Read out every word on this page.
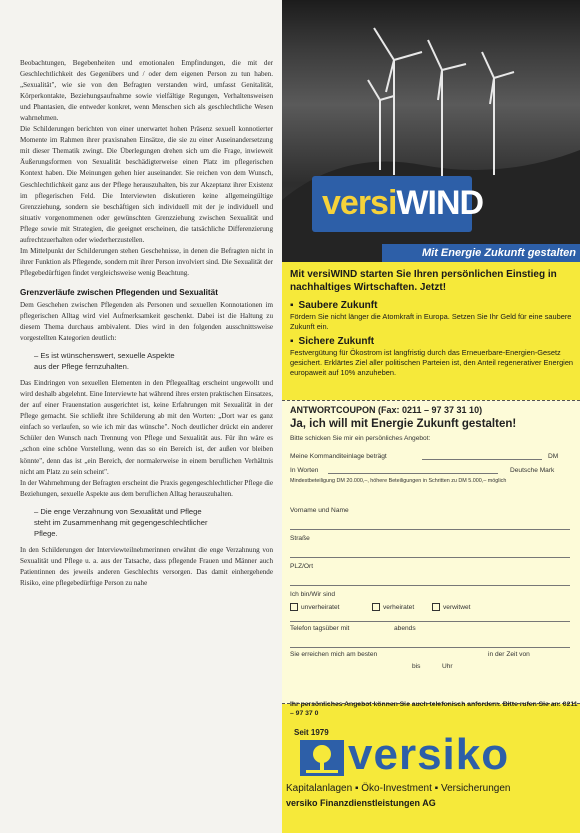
Beobachtungen, Begebenheiten und emotionalen Empfindungen, die mit der Geschlechtlichkeit des Gegenübers und / oder dem eigenen Person zu tun haben. „Sexualität", wie sie von den Befragten verstanden wird, umfasst Genitalität, Körperkontakte, Beziehungsaufnahme sowie vielfältige Regungen, Verhaltensweisen und Phantasien, die entweder konkret, wenn Menschen sich als geschlechtliche Wesen wahrnehmen.

Die Schilderungen berichten von einer unerwartet hohen Präsenz sexuell konnotierter Momente im Rahmen ihrer praxisnahen Einsätze, die sie zu einer Auseinandersetzung mit dieser Thematik zwingt. Die Überlegungen drehen sich um die Frage, inwieweit Äußerungsformen von Sexualität beschädigterweise einen Platz im pflegerischen Kontext haben. Die Meinungen gehen hier auseinander. Sie reichen von dem Wunsch, Geschlechtlichkeit ganz aus der Pflege herauszuhalten, bis zur Akzeptanz ihrer Existenz im pflegerischen Feld. Die Interviewten diskutieren keine allgemeingültige Grenzziehung, sondern sie beschäftigen sich individuell mit der je individuell und situativ vorgenommenen oder gewünschten Grenzziehung zwischen Sexualität und Pflege sowie mit Strategien, die geeignet erscheinen, die tatsächliche Differenzierung aufrechtzuerhalten oder wiederherzustellen.

Im Mittelpunkt der Schilderungen stehen Geschehnisse, in denen die Befragten nicht in ihrer Funktion als Pflegende, sondern mit ihrer Person involviert sind. Die Sexualität der Pflegebedürftigen findet vergleichsweise wenig Beachtung.

Grenzverläufe zwischen Pflegenden und Sexualität

Dem Geschehen zwischen Pflegenden als Personen und sexuellen Konnotationen im pflegerischen Alltag wird viel Aufmerksamkeit geschenkt. Dabei ist die Haltung zu diesem Thema durchaus ambivalent. Dies wird in den folgenden ausschnittsweise vorgestellten Kategorien deutlich:

– Es ist wünschenswert, sexuelle Aspekte
aus der Pflege fernzuhalten.

Das Eindringen von sexuellen Elementen in den Pflegealltag erscheint ungewollt und wird deshalb abgelehnt. Eine Interviewte hat während ihres ersten praktischen Einsatzes, der auf einer Frauenstation ausgerichtet ist, keine Erfahrungen mit Sexualität in der Pflege gemacht. Sie schließt ihre Schilderung ab mit den Worten: „Dort war es ganz einfach so verlaufen, so wie ich mir das wünsche". Noch deutlicher drückt ein anderer Schüler den Wunsch nach Trennung von Pflege und Sexualität aus. Für ihn wäre es „schon eine schöne Vorstellung, wenn das so ein Bereich ist, der außen vor bleiben könnte", denn das ist „ein Bereich, der normalerweise in einem beruflichen Verhältnis nicht am Platz zu sein scheint".

In der Wahrnehmung der Befragten erscheint die Praxis gegengeschlechtlicher Pflege die Beziehungen, sexuelle Aspekte aus dem beruflichen Alltag herauszuhalten.

– Die enge Verzahnung von Sexualität und Pflege
steht im Zusammenhang mit gegengeschlechtlicher
Pflege.

In den Schilderungen der Interviewteilnehmerinnen erwähnt die enge Verzahnung von Sexualität und Pflege u. a. aus der Tatsache, dass pflegende Frauen und Männer auch Patientinnen des jeweils anderen Geschlechts versorgen. Das damit einhergehende Risiko, eine pflegebedürftige Person zu nahe

versiWIND
Mit Energie Zukunft gestalten

Mit versiWIND starten Sie Ihren persönlichen Einstieg in nachhaltiges Wirtschaften. Jetzt!

▪ Saubere Zukunft

Fördern Sie nicht länger die Atomkraft in Europa. Setzen Sie Ihr Geld für eine saubere Zukunft ein.

▪ Sichere Zukunft

Festvergütung für Ökostrom ist langfristig durch das Erneuerbare-Energien-Gesetz gesichert. Erklärtes Ziel aller politischen Parteien ist, den Anteil regenerativer Energien europaweit auf 10% anzuheben.

ANTWORTCOUPON (Fax: 0211 – 97 37 31 10)
Ja, ich will mit Energie Zukunft gestalten!
Bitte schicken Sie mir ein persönliches Angebot:
Meine Kommanditeinlage beträgt	DM
In Worten	Deutsche Mark
Mindestbeteiligung DM 20.000,–, höhere Beteiligungen in Schritten zu DM 5.000,– möglich
Vorname und Name
Straße
PLZ/Ort
Ich bin/Wir sind
unverheiratet	verheiratet	verwitwet
Telefon tagsüber mit	abends
Sie erreichen mich am besten	in der Zeit von
bis	Uhr
Ihr persönliches Angebot können Sie auch telefonisch anfordern. Bitte rufen Sie an: 0211 – 97 37 0
Seit 1979 versiko
Kapitalanlagen ▪ Öko-Investment ▪ Versicherungen
versiko Finanzdienstleistungen AG
